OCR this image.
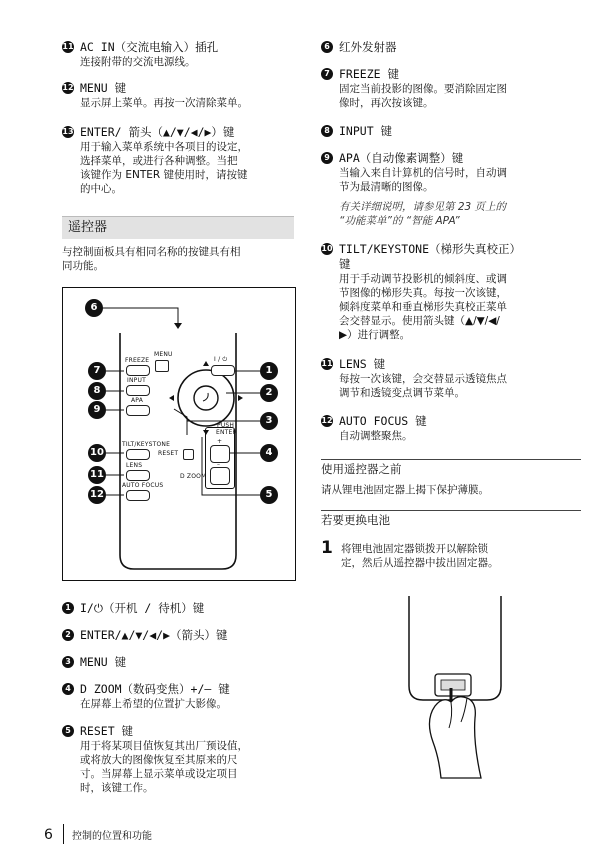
11 AC IN（交流电输入）插孔
连接附带的交流电源线。
12 MENU 键
显示屏上菜单。再按一次清除菜单。
13 ENTER/ 箭头（▲/▼/◀/▶）键
用于输入菜单系统中各项目的设定，
选择菜单，或进行各种调整。当把
该键作为 ENTER 键使用时，请按键
的中心。
遥控器
与控制面板具有相同名称的按键具有相
同功能。
FREEZE
INPUT
APA
MENU
I / ⏻
PUSH
ENTER
TILT/KEYSTONE
LENS
AUTO FOCUS
RESET
D ZOOM
+
–
6
7
8
9
10
11
12
1
2
3
4
5
1 I/⏻（开机 / 待机）键
2 ENTER/▲/▼/◀/▶（箭头）键
3 MENU 键
4 D ZOOM（数码变焦）+/– 键
在屏幕上希望的位置扩大影像。
5 RESET 键
用于将某项目值恢复其出厂预设值，
或将放大的图像恢复至其原来的尺
寸。当屏幕上显示菜单或设定项目
时，该键工作。
6 红外发射器
7 FREEZE 键
固定当前投影的图像。要消除固定图
像时，再次按该键。
8 INPUT 键
9 APA（自动像素调整）键
当输入来自计算机的信号时，自动调
节为最清晰的图像。
有关详细说明，请参见第 23 页上的
“功能菜单”的 “智能 APA”
10 TILT/KEYSTONE（梯形失真校正）
键
用于手动调节投影机的倾斜度、或调
节图像的梯形失真。每按一次该键，
倾斜度菜单和垂直梯形失真校正菜单
会交替显示。使用箭头键（▲/▼/◀/
▶）进行调整。
11 LENS 键
每按一次该键，会交替显示透镜焦点
调节和透镜变点调节菜单。
12 AUTO FOCUS 键
自动调整聚焦。
使用遥控器之前
请从锂电池固定器上揭下保护薄膜。
若要更换电池
1 将锂电池固定器锁拨开以解除锁
定，然后从遥控器中拔出固定器。
6 控制的位置和功能
